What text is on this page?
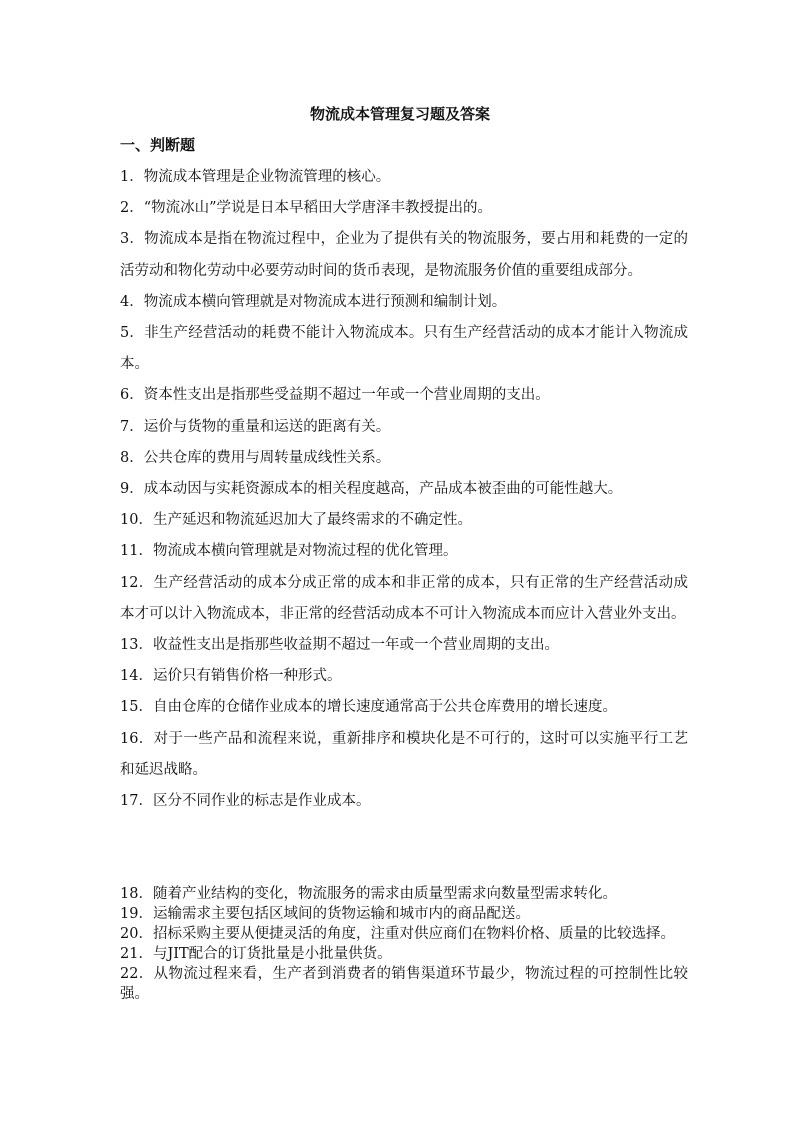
物流成本管理复习题及答案
一、判断题

1．物流成本管理是企业物流管理的核心。

2．“物流冰山”学说是日本早稻田大学唐泽丰教授提出的。

3．物流成本是指在物流过程中，企业为了提供有关的物流服务，要占用和耗费的一定的活劳动和物化劳动中必要劳动时间的货币表现，是物流服务价值的重要组成部分。

4．物流成本横向管理就是对物流成本进行预测和编制计划。

5．非生产经营活动的耗费不能计入物流成本。只有生产经营活动的成本才能计入物流成本。

6．资本性支出是指那些受益期不超过一年或一个营业周期的支出。

7．运价与货物的重量和运送的距离有关。

8．公共仓库的费用与周转量成线性关系。

9．成本动因与实耗资源成本的相关程度越高，产品成本被歪曲的可能性越大。

10．生产延迟和物流延迟加大了最终需求的不确定性。

11．物流成本横向管理就是对物流过程的优化管理。

12．生产经营活动的成本分成正常的成本和非正常的成本，只有正常的生产经营活动成本才可以计入物流成本，非正常的经营活动成本不可计入物流成本而应计入营业外支出。

13．收益性支出是指那些收益期不超过一年或一个营业周期的支出。

14．运价只有销售价格一种形式。

15．自由仓库的仓储作业成本的增长速度通常高于公共仓库费用的增长速度。

16．对于一些产品和流程来说，重新排序和模块化是不可行的，这时可以实施平行工艺和延迟战略。

17．区分不同作业的标志是作业成本。

18．随着产业结构的变化，物流服务的需求由质量型需求向数量型需求转化。

19．运输需求主要包括区域间的货物运输和城市内的商品配送。

20．招标采购主要从便捷灵活的角度，注重对供应商们在物料价格、质量的比较选择。

21．与JIT配合的订货批量是小批量供货。

22．从物流过程来看，生产者到消费者的销售渠道环节最少，物流过程的可控制性比较强。
